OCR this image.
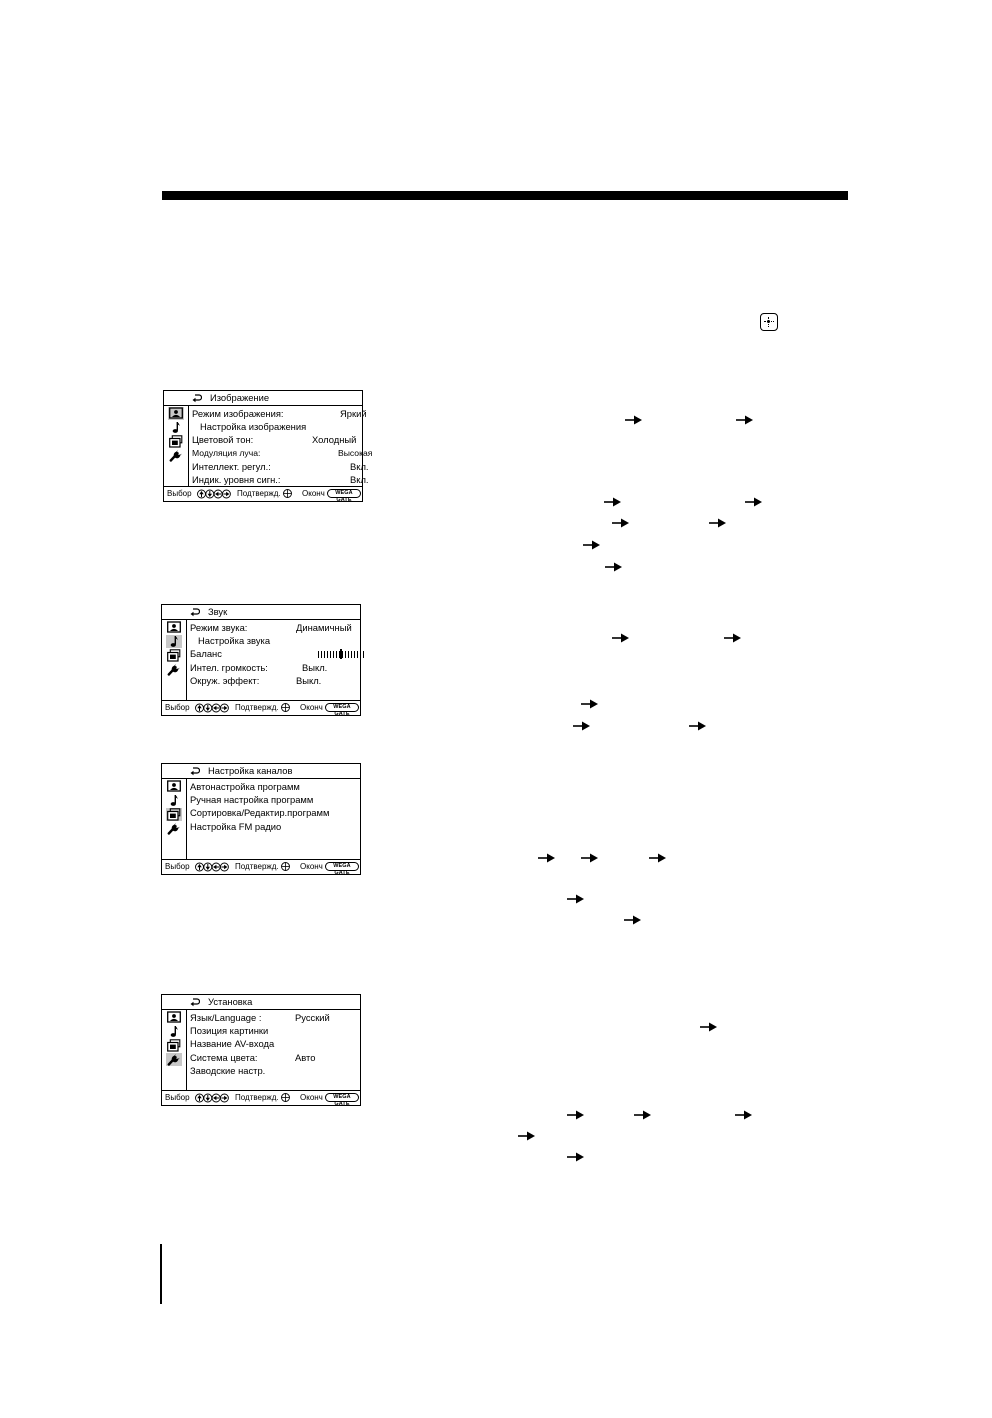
Изображение
Режим изображения:	Яркий
Настройка изображения
Цветовой тон:	Холодный
Модуляция луча:	Высокая
Интеллект. регул.:	Вкл.
Индик. уровня сигн.:	Вкл.
Выбор	Подтвержд.	Оконч	WEGA GATE
Звук
Режим звука:	Динамичный
Настройка звука
Баланс
Интел. громкость:	Выкл.
Окруж. эффект:	Выкл.
Выбор	Подтвержд.	Оконч	WEGA GATE
Настройка каналов
Автонастройка программ
Ручная настройка программ
Сортировка/Редактир.программ
Настройка FM радио
Выбор	Подтвержд.	Оконч	WEGA GATE
Установка
Язык/Language :	Русский
Позиция картинки
Название AV-входа
Система цвета:	Авто
Заводские настр.
Выбор	Подтвержд.	Оконч	WEGA GATE
